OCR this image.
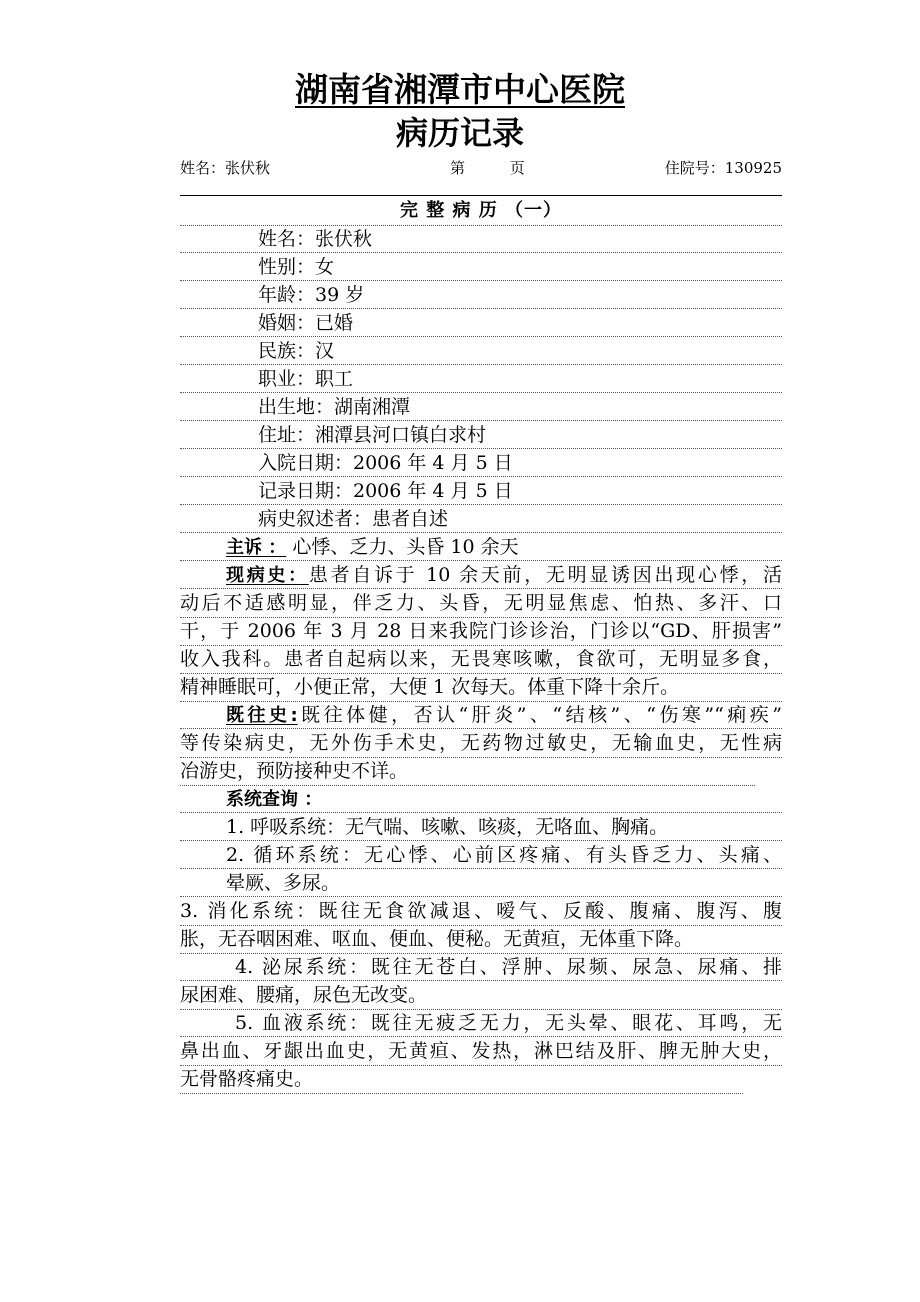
湖南省湘潭市中心医院
病历记录
姓名：张伏秋	第 页	住院号：130925
完 整 病 历 （一）
姓名：张伏秋
性别：女
年龄：39 岁
婚姻：已婚
民族：汉
职业：职工
出生地：湖南湘潭
住址：湘潭县河口镇白求村
入院日期：2006 年 4 月 5 日
记录日期：2006 年 4 月 5 日
病史叙述者：患者自述
主诉 ： 心悸、乏力、头昏 10 余天
现病史：患者自诉于 10 余天前，无明显诱因出现心悸，活
动后不适感明显，伴乏力、头昏，无明显焦虑、怕热、多汗、口
干，于 2006 年 3 月 28 日来我院门诊诊治，门诊以“GD、肝损害”
收入我科。患者自起病以来，无畏寒咳嗽，食欲可，无明显多食，
精神睡眠可，小便正常，大便 1 次每天。体重下降十余斤。
既往史:既往体健，否认“肝炎”、“结核”、“伤寒”“痢疾”
等传染病史，无外伤手术史，无药物过敏史，无输血史，无性病
冶游史，预防接种史不详。
系统查询 ：
1. 呼吸系统：无气喘、咳嗽、咳痰，无咯血、胸痛。
2. 循环系统：无心悸、心前区疼痛、有头昏乏力、头痛、
晕厥、多尿。
3. 消化系统：既往无食欲减退、嗳气、反酸、腹痛、腹泻、腹
胀，无吞咽困难、呕血、便血、便秘。无黄疸，无体重下降。
4. 泌尿系统：既往无苍白、浮肿、尿频、尿急、尿痛、排
尿困难、腰痛，尿色无改变。
5. 血液系统：既往无疲乏无力，无头晕、眼花、耳鸣，无
鼻出血、牙龈出血史，无黄疸、发热，淋巴结及肝、脾无肿大史，
无骨骼疼痛史。
